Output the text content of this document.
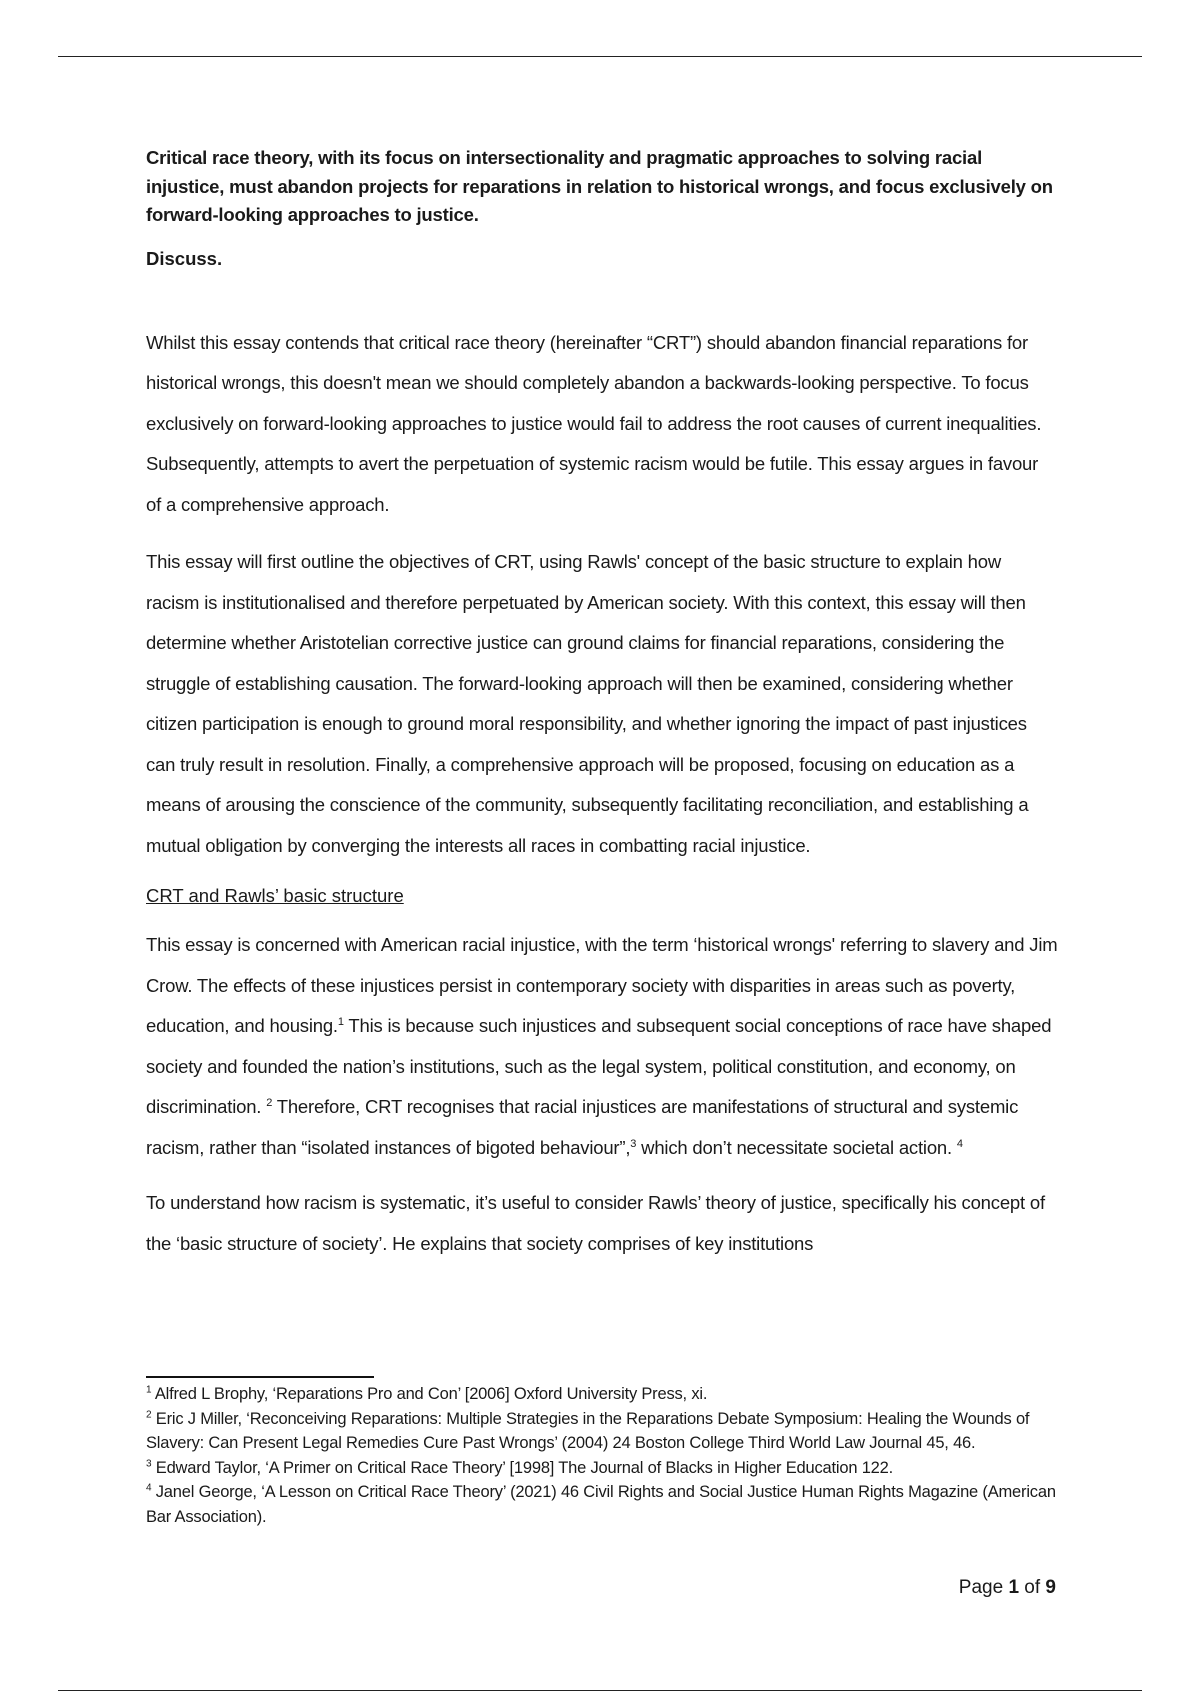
Critical race theory, with its focus on intersectionality and pragmatic approaches to solving racial injustice, must abandon projects for reparations in relation to historical wrongs, and focus exclusively on forward-looking approaches to justice.

Discuss.

Whilst this essay contends that critical race theory (hereinafter “CRT”) should abandon financial reparations for historical wrongs, this doesn't mean we should completely abandon a backwards-looking perspective. To focus exclusively on forward-looking approaches to justice would fail to address the root causes of current inequalities. Subsequently, attempts to avert the perpetuation of systemic racism would be futile. This essay argues in favour of a comprehensive approach.

This essay will first outline the objectives of CRT, using Rawls' concept of the basic structure to explain how racism is institutionalised and therefore perpetuated by American society. With this context, this essay will then determine whether Aristotelian corrective justice can ground claims for financial reparations, considering the struggle of establishing causation. The forward-looking approach will then be examined, considering whether citizen participation is enough to ground moral responsibility, and whether ignoring the impact of past injustices can truly result in resolution. Finally, a comprehensive approach will be proposed, focusing on education as a means of arousing the conscience of the community, subsequently facilitating reconciliation, and establishing a mutual obligation by converging the interests all races in combatting racial injustice.

CRT and Rawls’ basic structure

This essay is concerned with American racial injustice, with the term ‘historical wrongs' referring to slavery and Jim Crow. The effects of these injustices persist in contemporary society with disparities in areas such as poverty, education, and housing.$^1$ This is because such injustices and subsequent social conceptions of race have shaped society and founded the nation’s institutions, such as the legal system, political constitution, and economy, on discrimination. $^2$ Therefore, CRT recognises that racial injustices are manifestations of structural and systemic racism, rather than “isolated instances of bigoted behaviour”,$^3$ which don’t necessitate societal action. $^4$

To understand how racism is systematic, it’s useful to consider Rawls’ theory of justice, specifically his concept of the ‘basic structure of society’. He explains that society comprises of key institutions

$^1$ Alfred L Brophy, ‘Reparations Pro and Con’ [2006] Oxford University Press, xi.

$^2$ Eric J Miller, ‘Reconceiving Reparations: Multiple Strategies in the Reparations Debate Symposium: Healing the Wounds of Slavery: Can Present Legal Remedies Cure Past Wrongs’ (2004) 24 Boston College Third World Law Journal 45, 46.

$^3$ Edward Taylor, ‘A Primer on Critical Race Theory’ [1998] The Journal of Blacks in Higher Education 122.

$^4$ Janel George, ‘A Lesson on Critical Race Theory’ (2021) 46 Civil Rights and Social Justice Human Rights Magazine (American Bar Association).

Page 1 of 9
